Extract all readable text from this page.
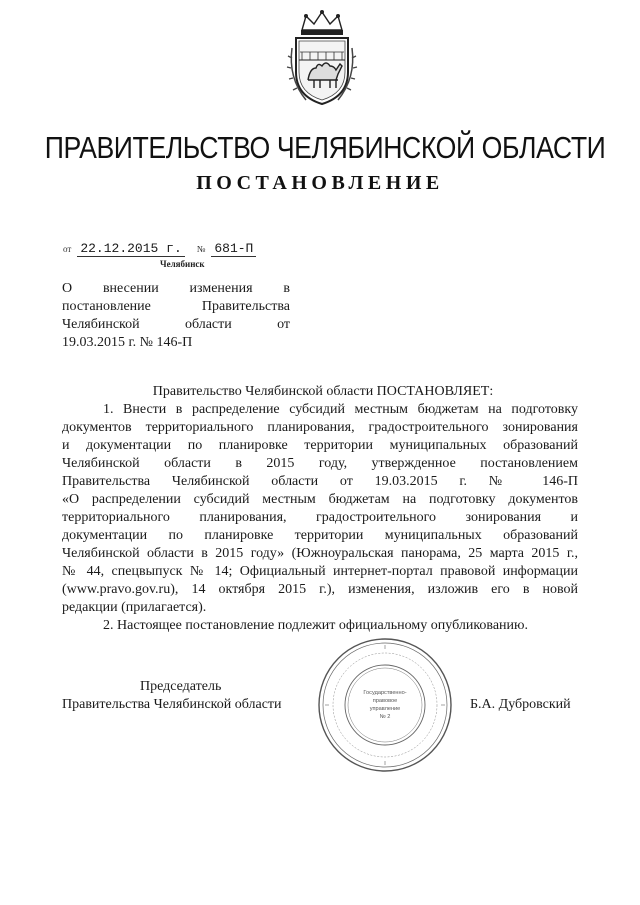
ПРАВИТЕЛЬСТВО ЧЕЛЯБИНСКОЙ ОБЛАСТИ
ПОСТАНОВЛЕНИЕ
от 22.12.2015 г. № 681-П
Челябинск
О внесении изменения в
постановление Правительства
Челябинской области от
19.03.2015 г. № 146-П
Правительство Челябинской области ПОСТАНОВЛЯЕТ:
1. Внести в распределение субсидий местным бюджетам на подготовку
документов территориального планирования, градостроительного зонирования
и документации по планировке территории муниципальных образований
Челябинской области в 2015 году, утвержденное постановлением
Правительства Челябинской области от 19.03.2015 г. № 146-П
«О распределении субсидий местным бюджетам на подготовку документов
территориального планирования, градостроительного зонирования и
документации по планировке территории муниципальных образований
Челябинской области в 2015 году» (Южноуральская панорама, 25 марта 2015 г.,
№ 44, спецвыпуск № 14; Официальный интернет-портал правовой информации
(www.pravo.gov.ru), 14 октября 2015 г.), изменения, изложив его в новой
редакции (прилагается).
2. Настоящее постановление подлежит официальному опубликованию.
Государственно-
правовое
управление
№ 2
Председатель
Правительства Челябинской области	Б.А. Дубровский
